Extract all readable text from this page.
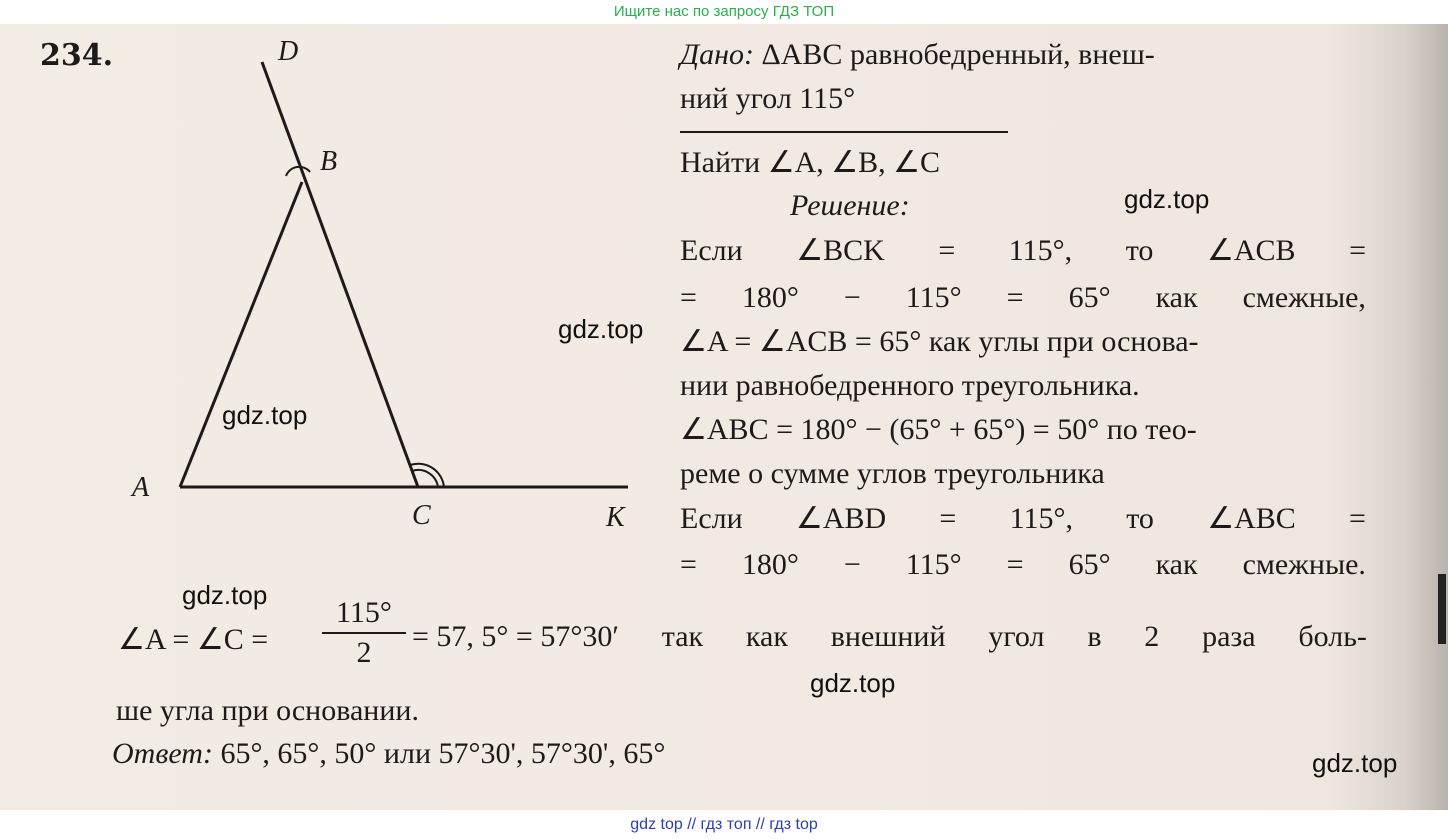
Ищите нас по запросу ГДЗ ТОП
234.	D
B
A
C	K
Дано: ΔABC равнобедренный, внеш-
ний угол 115°
Найти ∠A, ∠B, ∠C
Решение:
Если ∠BCK = 115°, то ∠ACB =
= 180° − 115° = 65° как смежные,
∠A = ∠ACB = 65° как углы при основа-
нии равнобедренного треугольника.
∠ABC = 180° − (65° + 65°) = 50° по тео-
реме о сумме углов треугольника
Если ∠ABD = 115°, то ∠ABC =
= 180° − 115° = 65° как смежные.
∠A = ∠C =
115°
2	= 57, 5° = 57°30′ так как внешний угол в 2 раза боль-
ше угла при основании.
Ответ: 65°, 65°, 50° или 57°30', 57°30', 65°
gdz.top
gdz.top
gdz.top
gdz.top
gdz.top
gdz.top
gdz top // гдз топ // гдз top
